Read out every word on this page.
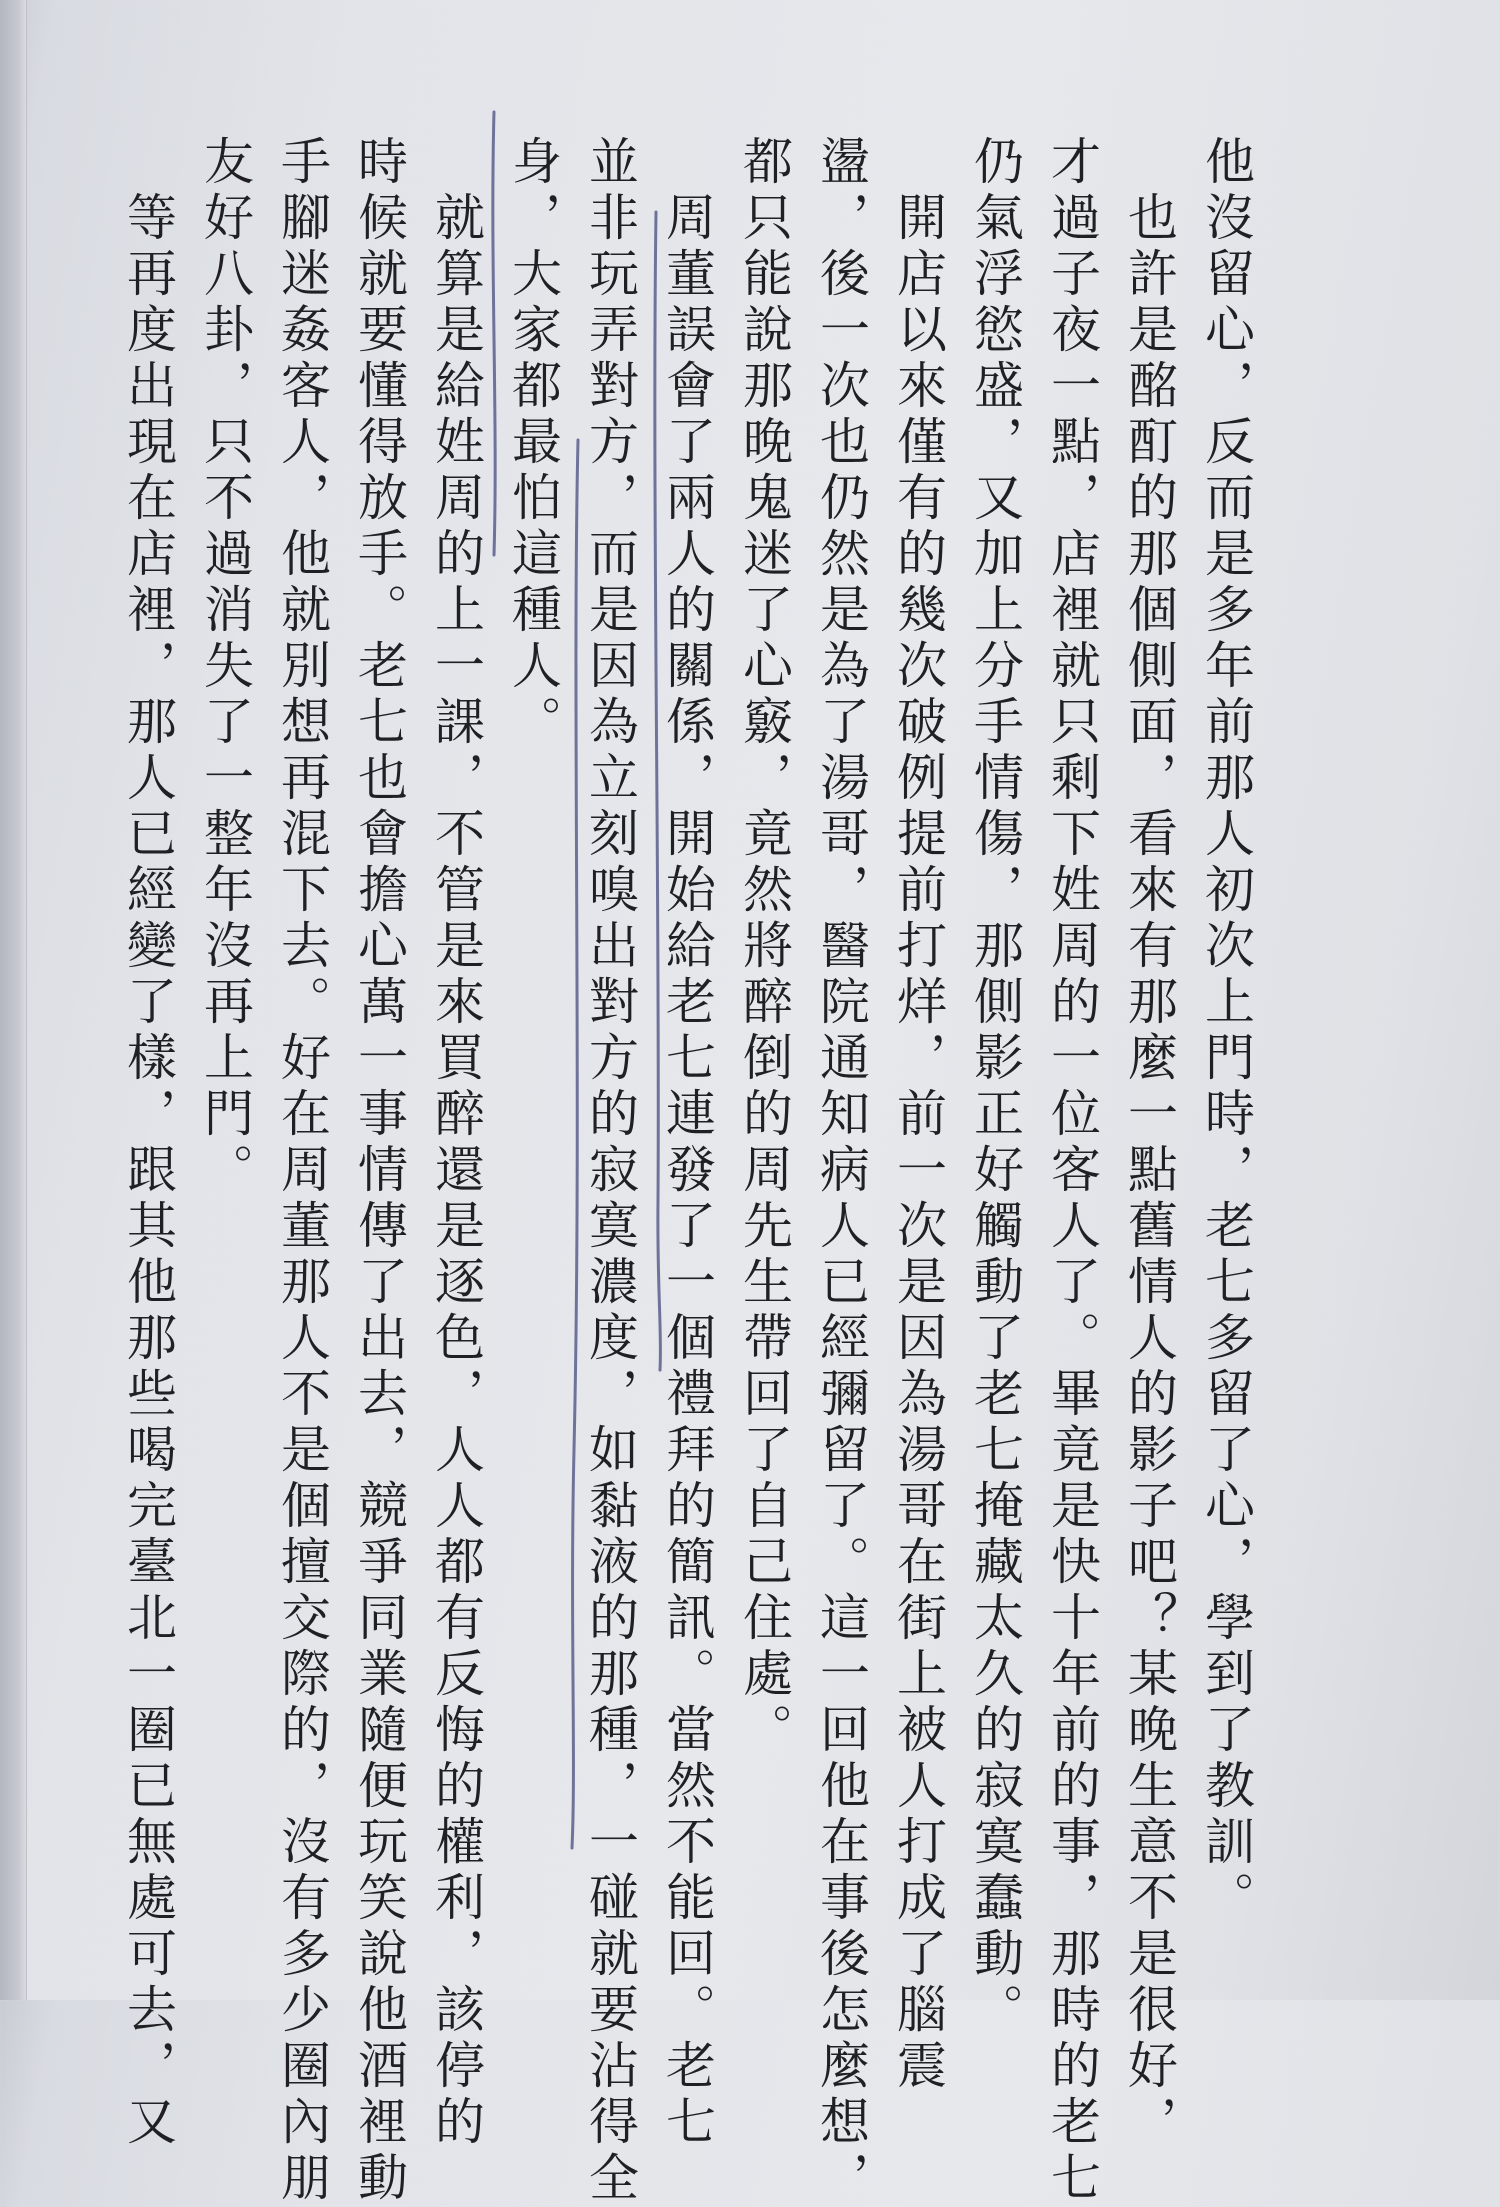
他沒留心，反而是多年前那人初次上門時，老七多留了心，學到了教訓。

　也許是酩酊的那個側面，看來有那麼一點舊情人的影子吧？某晚生意不是很好，

才過子夜一點，店裡就只剩下姓周的一位客人了。畢竟是快十年前的事，那時的老七

仍氣浮慾盛，又加上分手情傷，那側影正好觸動了老七掩藏太久的寂寞蠢動。

　開店以來僅有的幾次破例提前打烊，前一次是因為湯哥在街上被人打成了腦震

盪，後一次也仍然是為了湯哥，醫院通知病人已經彌留了。這一回他在事後怎麼想，

都只能說那晚鬼迷了心竅，竟然將醉倒的周先生帶回了自己住處。

　周董誤會了兩人的關係，開始給老七連發了一個禮拜的簡訊。當然不能回。老七

並非玩弄對方，而是因為立刻嗅出對方的寂寞濃度，如黏液的那種，一碰就要沾得全

身，大家都最怕這種人。

　就算是給姓周的上一課，不管是來買醉還是逐色，人人都有反悔的權利，該停的

時候就要懂得放手。老七也會擔心萬一事情傳了出去，競爭同業隨便玩笑說他酒裡動

手腳迷姦客人，他就別想再混下去。好在周董那人不是個擅交際的，沒有多少圈內朋

友好八卦，只不過消失了一整年沒再上門。

　等再度出現在店裡，那人已經變了樣，跟其他那些喝完臺北一圈已無處可去，又
